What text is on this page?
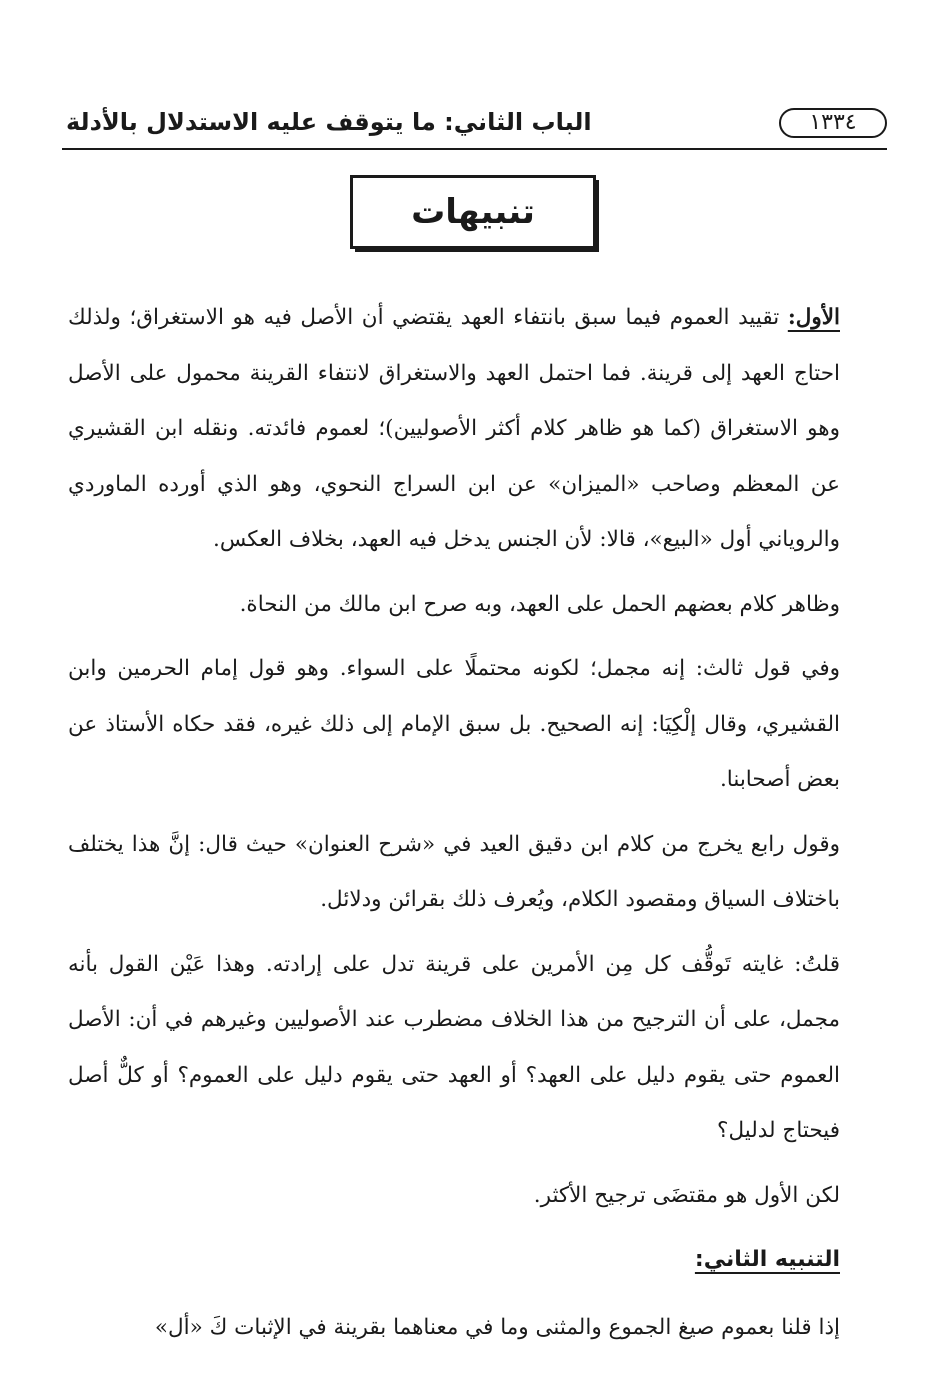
الباب الثاني: ما يتوقف عليه الاستدلال بالأدلة	١٣٣٤
تنبيهات

الأول: تقييد العموم فيما سبق بانتفاء العهد يقتضي أن الأصل فيه هو الاستغراق؛ ولذلك احتاج العهد إلى قرينة. فما احتمل العهد والاستغراق لانتفاء القرينة محمول على الأصل وهو الاستغراق (كما هو ظاهر كلام أكثر الأصوليين)؛ لعموم فائدته. ونقله ابن القشيري عن المعظم وصاحب «الميزان» عن ابن السراج النحوي، وهو الذي أورده الماوردي والروياني أول «البيع»، قالا: لأن الجنس يدخل فيه العهد، بخلاف العكس.

وظاهر كلام بعضهم الحمل على العهد، وبه صرح ابن مالك من النحاة.

وفي قول ثالث: إنه مجمل؛ لكونه محتملًا على السواء. وهو قول إمام الحرمين وابن القشيري، وقال إلْكِيَا: إنه الصحيح. بل سبق الإمام إلى ذلك غيره، فقد حكاه الأستاذ عن بعض أصحابنا.

وقول رابع يخرج من كلام ابن دقيق العيد في «شرح العنوان» حيث قال: إنَّ هذا يختلف باختلاف السياق ومقصود الكلام، ويُعرف ذلك بقرائن ودلائل.

قلتُ: غايته تَوقُّف كل مِن الأمرين على قرينة تدل على إرادته. وهذا عَيْن القول بأنه مجمل، على أن الترجيح من هذا الخلاف مضطرب عند الأصوليين وغيرهم في أن: الأصل العموم حتى يقوم دليل على العهد؟ أو العهد حتى يقوم دليل على العموم؟ أو كلٌّ أصل فيحتاج لدليل؟

لكن الأول هو مقتضَى ترجيح الأكثر.

التنبيه الثاني:

إذا قلنا بعموم صيغ الجموع والمثنى وما في معناهما بقرينة في الإثبات كَ «أل»
